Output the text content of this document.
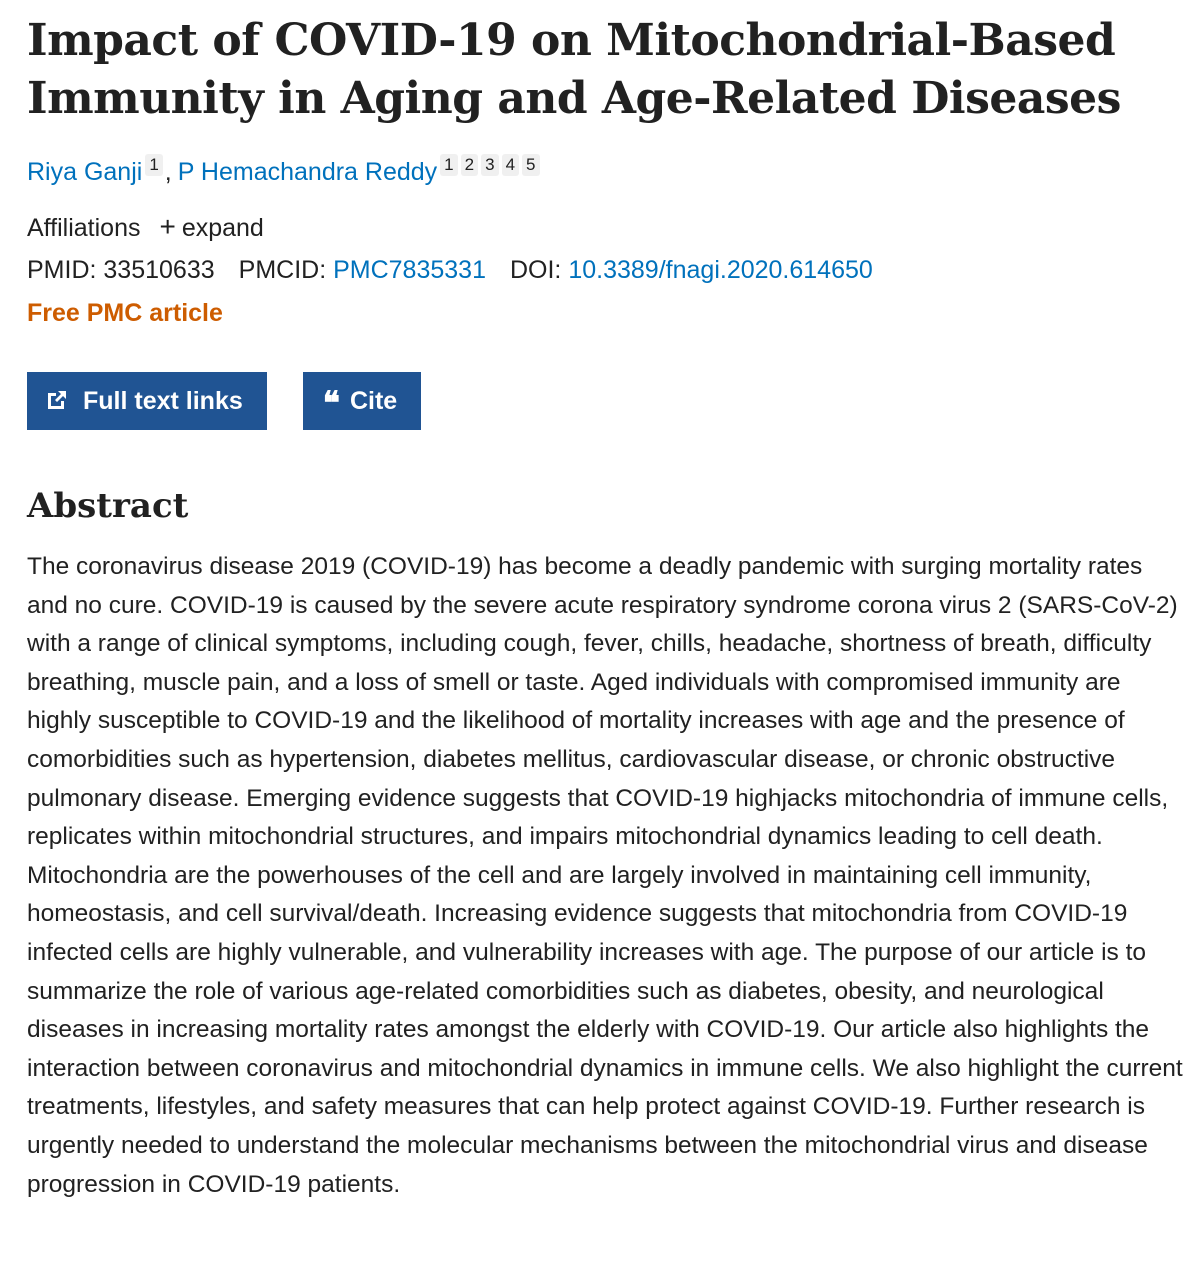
Impact of COVID-19 on Mitochondrial-Based Immunity in Aging and Age-Related Diseases
Riya Ganji 1 , P Hemachandra Reddy 1 2 3 4 5
Affiliations + expand
PMID: 33510633 PMCID: PMC7835331 DOI: 10.3389/fnagi.2020.614650
Free PMC article
Full text links	❝ Cite
Abstract
The coronavirus disease 2019 (COVID-19) has become a deadly pandemic with surging mortality rates and no cure. COVID-19 is caused by the severe acute respiratory syndrome corona virus 2 (SARS-CoV-2) with a range of clinical symptoms, including cough, fever, chills, headache, shortness of breath, difficulty breathing, muscle pain, and a loss of smell or taste. Aged individuals with compromised immunity are highly susceptible to COVID-19 and the likelihood of mortality increases with age and the presence of comorbidities such as hypertension, diabetes mellitus, cardiovascular disease, or chronic obstructive pulmonary disease. Emerging evidence suggests that COVID-19 highjacks mitochondria of immune cells, replicates within mitochondrial structures, and impairs mitochondrial dynamics leading to cell death. Mitochondria are the powerhouses of the cell and are largely involved in maintaining cell immunity, homeostasis, and cell survival/death. Increasing evidence suggests that mitochondria from COVID-19 infected cells are highly vulnerable, and vulnerability increases with age. The purpose of our article is to summarize the role of various age-related comorbidities such as diabetes, obesity, and neurological diseases in increasing mortality rates amongst the elderly with COVID-19. Our article also highlights the interaction between coronavirus and mitochondrial dynamics in immune cells. We also highlight the current treatments, lifestyles, and safety measures that can help protect against COVID-19. Further research is urgently needed to understand the molecular mechanisms between the mitochondrial virus and disease progression in COVID-19 patients.
